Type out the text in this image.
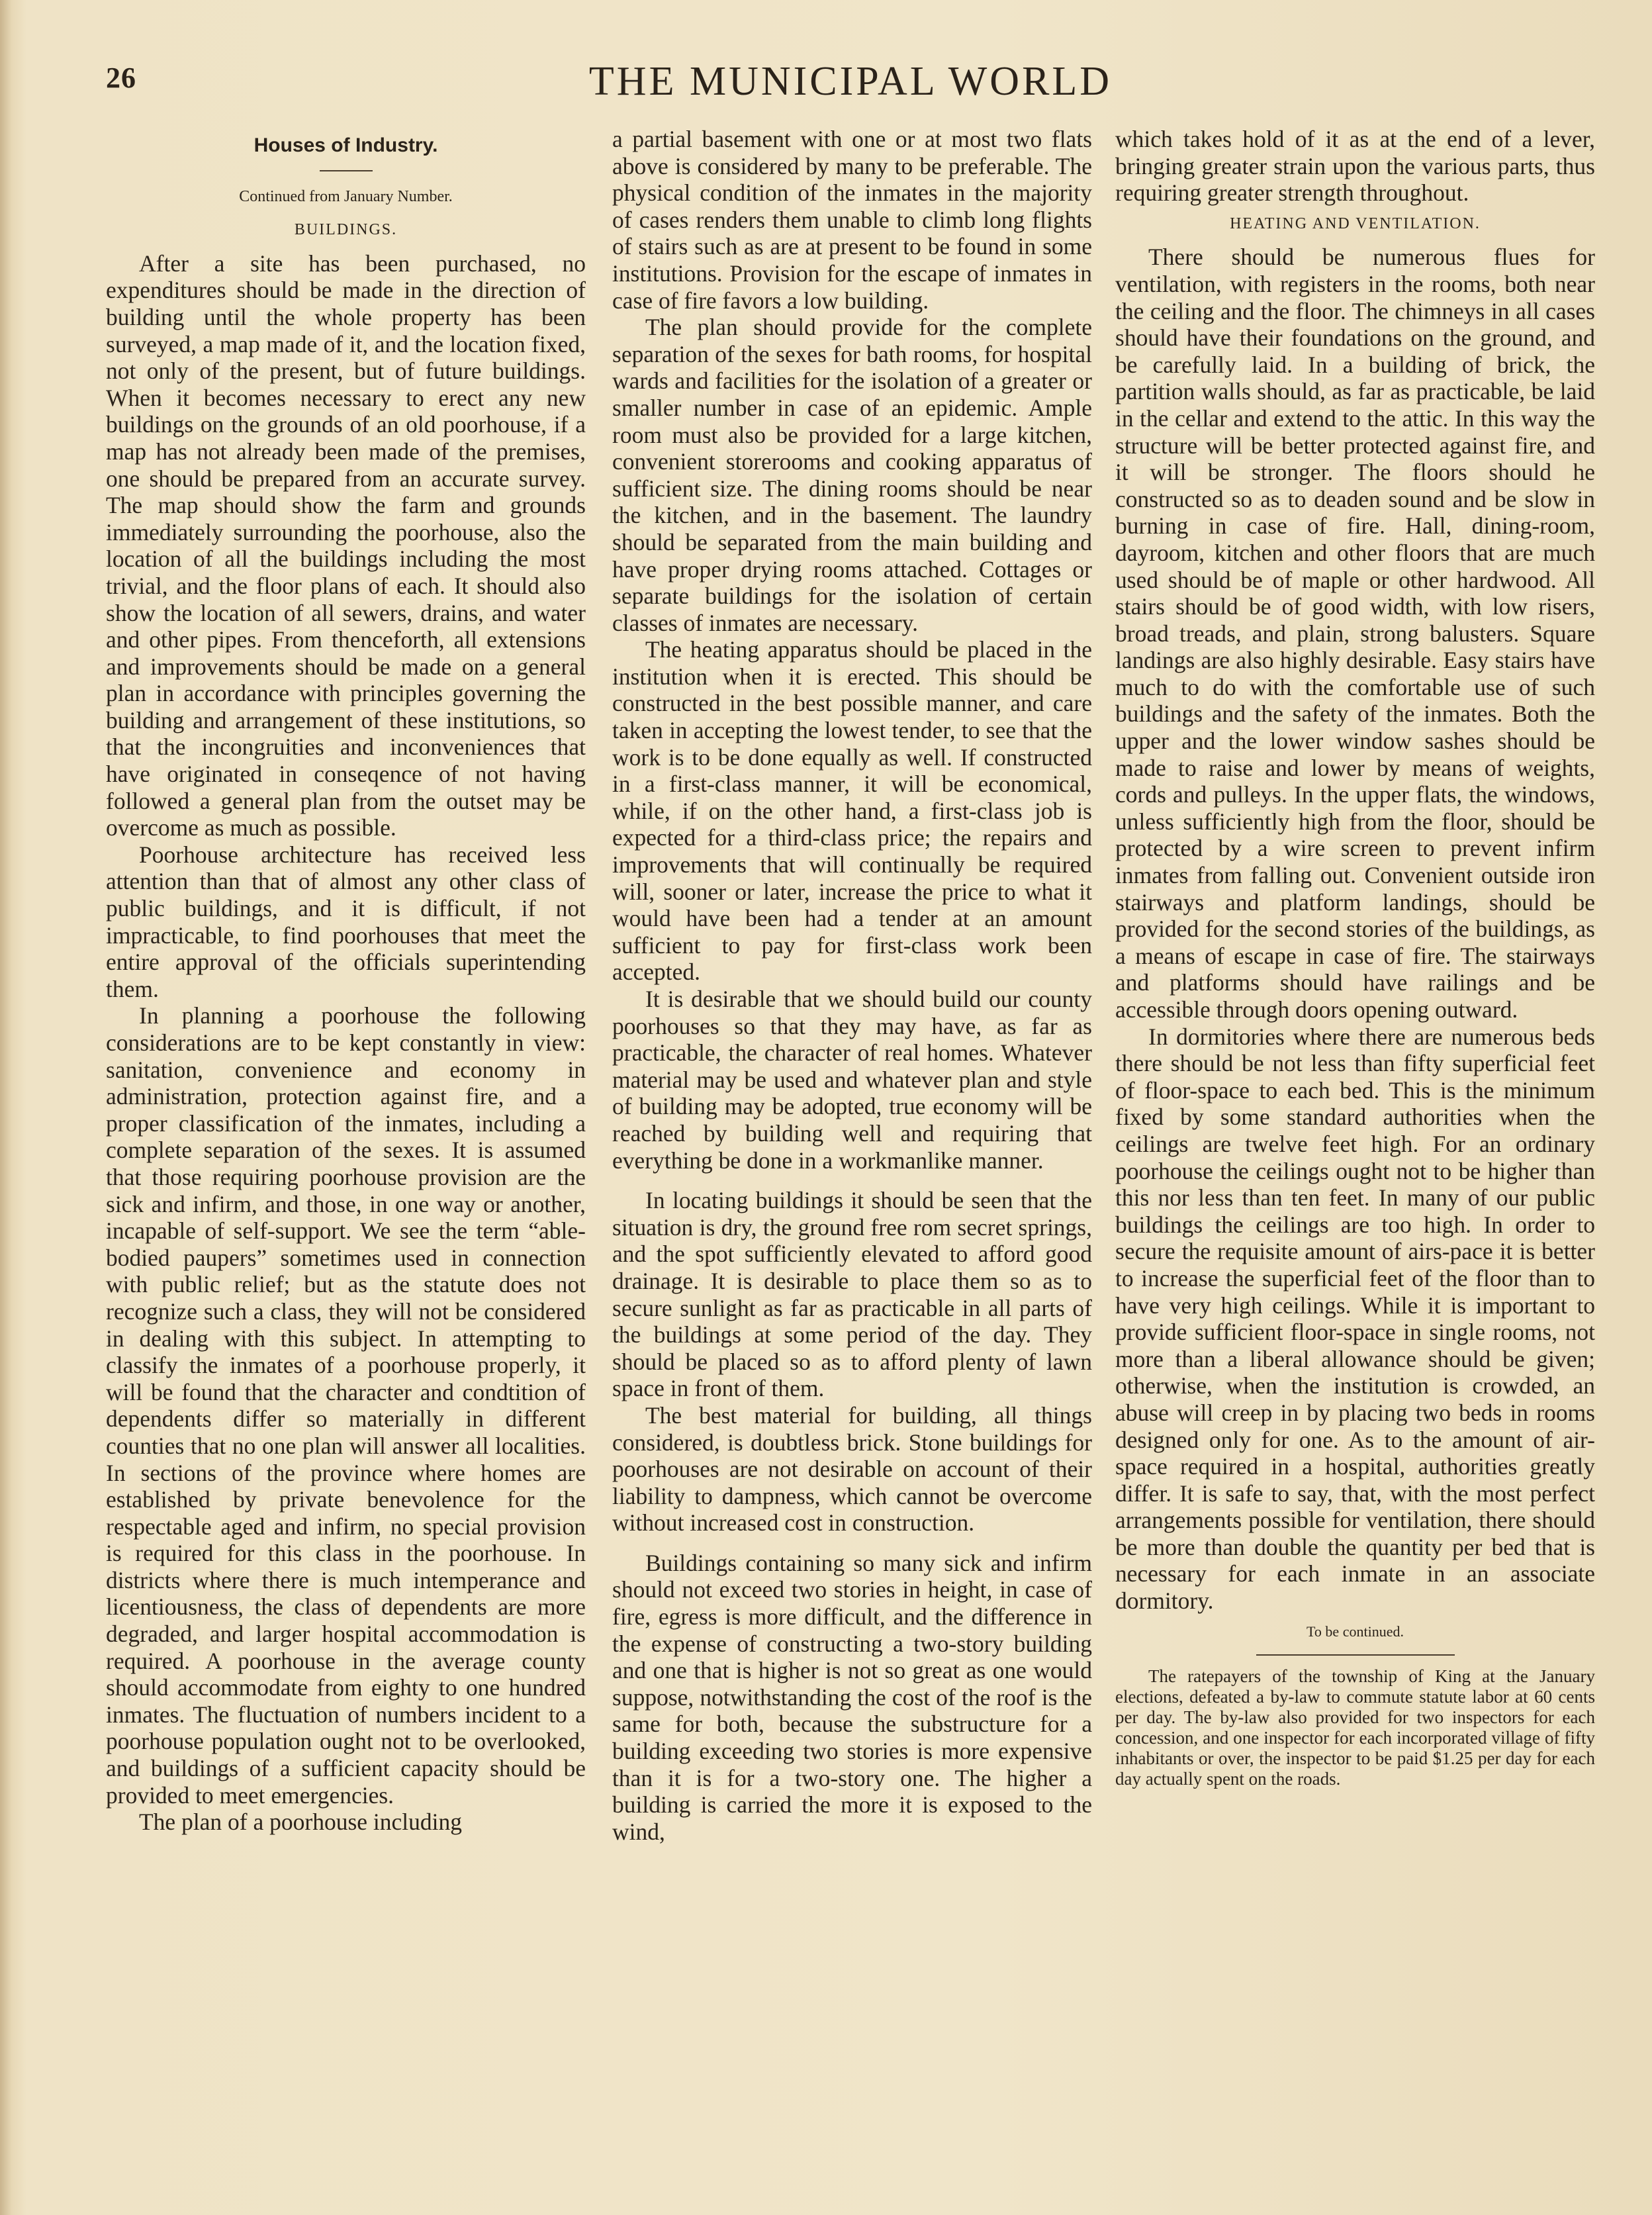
26	THE MUNICIPAL WORLD
Houses of Industry.
Continued from January Number.
BUILDINGS.

After a site has been purchased, no expenditures should be made in the direction of building until the whole property has been surveyed, a map made of it, and the location fixed, not only of the present, but of future buildings. When it becomes necessary to erect any new buildings on the grounds of an old poorhouse, if a map has not already been made of the premises, one should be prepared from an accurate survey. The map should show the farm and grounds immediately surrounding the poorhouse, also the location of all the buildings including the most trivial, and the floor plans of each. It should also show the location of all sewers, drains, and water and other pipes. From thenceforth, all extensions and improvements should be made on a general plan in accordance with principles governing the building and arrangement of these institutions, so that the incongruities and inconveniences that have originated in conseqence of not having followed a general plan from the outset may be overcome as much as possible.

Poorhouse architecture has received less attention than that of almost any other class of public buildings, and it is difficult, if not impracticable, to find poorhouses that meet the entire approval of the officials superintending them.

In planning a poorhouse the following considerations are to be kept constantly in view: sanitation, convenience and economy in administration, protection against fire, and a proper classification of the inmates, including a complete separation of the sexes. It is assumed that those requiring poorhouse provision are the sick and infirm, and those, in one way or another, incapable of self-support. We see the term “able-bodied paupers” sometimes used in connection with public relief; but as the statute does not recognize such a class, they will not be considered in dealing with this subject. In attempting to classify the inmates of a poorhouse properly, it will be found that the character and condtition of dependents differ so materially in different counties that no one plan will answer all localities. In sections of the province where homes are established by private benevolence for the respectable aged and infirm, no special provision is required for this class in the poorhouse. In districts where there is much intemperance and licentiousness, the class of dependents are more degraded, and larger hospital accommodation is required. A poorhouse in the average county should accommodate from eighty to one hundred inmates. The fluctuation of numbers incident to a poorhouse population ought not to be overlooked, and buildings of a sufficient capacity should be provided to meet emergencies.

The plan of a poorhouse including

a partial basement with one or at most two flats above is considered by many to be preferable. The physical condition of the inmates in the majority of cases renders them unable to climb long flights of stairs such as are at present to be found in some institutions. Provision for the escape of inmates in case of fire favors a low building.

The plan should provide for the complete separation of the sexes for bath rooms, for hospital wards and facilities for the isolation of a greater or smaller number in case of an epidemic. Ample room must also be provided for a large kitchen, convenient storerooms and cooking apparatus of sufficient size. The dining rooms should be near the kitchen, and in the basement. The laundry should be separated from the main building and have proper drying rooms attached. Cottages or separate buildings for the isolation of certain classes of inmates are necessary.

The heating apparatus should be placed in the institution when it is erected. This should be constructed in the best possible manner, and care taken in accepting the lowest tender, to see that the work is to be done equally as well. If constructed in a first-class manner, it will be economical, while, if on the other hand, a first-class job is expected for a third-class price; the repairs and improvements that will continually be required will, sooner or later, increase the price to what it would have been had a tender at an amount sufficient to pay for first-class work been accepted.

It is desirable that we should build our county poorhouses so that they may have, as far as practicable, the character of real homes. Whatever material may be used and whatever plan and style of building may be adopted, true economy will be reached by building well and requiring that everything be done in a workmanlike manner.

In locating buildings it should be seen that the situation is dry, the ground free rom secret springs, and the spot sufficiently elevated to afford good drainage. It is desirable to place them so as to secure sunlight as far as practicable in all parts of the buildings at some period of the day. They should be placed so as to afford plenty of lawn space in front of them.

The best material for building, all things considered, is doubtless brick. Stone buildings for poorhouses are not desirable on account of their liability to dampness, which cannot be overcome without increased cost in construction.

Buildings containing so many sick and infirm should not exceed two stories in height, in case of fire, egress is more difficult, and the difference in the expense of constructing a two-story building and one that is higher is not so great as one would suppose, notwithstanding the cost of the roof is the same for both, because the substructure for a building exceeding two stories is more expensive than it is for a two-story one. The higher a building is carried the more it is exposed to the wind,

which takes hold of it as at the end of a lever, bringing greater strain upon the various parts, thus requiring greater strength throughout.

HEATING AND VENTILATION.

There should be numerous flues for ventilation, with registers in the rooms, both near the ceiling and the floor. The chimneys in all cases should have their foundations on the ground, and be carefully laid. In a building of brick, the partition walls should, as far as practicable, be laid in the cellar and extend to the attic. In this way the structure will be better protected against fire, and it will be stronger. The floors should he constructed so as to deaden sound and be slow in burning in case of fire. Hall, dining-room, dayroom, kitchen and other floors that are much used should be of maple or other hardwood. All stairs should be of good width, with low risers, broad treads, and plain, strong balusters. Square landings are also highly desirable. Easy stairs have much to do with the comfortable use of such buildings and the safety of the inmates. Both the upper and the lower window sashes should be made to raise and lower by means of weights, cords and pulleys. In the upper flats, the windows, unless sufficiently high from the floor, should be protected by a wire screen to prevent infirm inmates from falling out. Convenient outside iron stairways and platform landings, should be provided for the second stories of the buildings, as a means of escape in case of fire. The stairways and platforms should have railings and be accessible through doors opening outward.

In dormitories where there are numerous beds there should be not less than fifty superficial feet of floor-space to each bed. This is the minimum fixed by some standard authorities when the ceilings are twelve feet high. For an ordinary poorhouse the ceilings ought not to be higher than this nor less than ten feet. In many of our public buildings the ceilings are too high. In order to secure the requisite amount of airs-pace it is better to increase the superficial feet of the floor than to have very high ceilings. While it is important to provide sufficient floor-space in single rooms, not more than a liberal allowance should be given; otherwise, when the institution is crowded, an abuse will creep in by placing two beds in rooms designed only for one. As to the amount of air-space required in a hospital, authorities greatly differ. It is safe to say, that, with the most perfect arrangements possible for ventilation, there should be more than double the quantity per bed that is necessary for each inmate in an associate dormitory.

To be continued.

The ratepayers of the township of King at the January elections, defeated a by-law to commute statute labor at 60 cents per day. The by-law also provided for two inspectors for each concession, and one inspector for each incorporated village of fifty inhabitants or over, the inspector to be paid $1.25 per day for each day actually spent on the roads.
